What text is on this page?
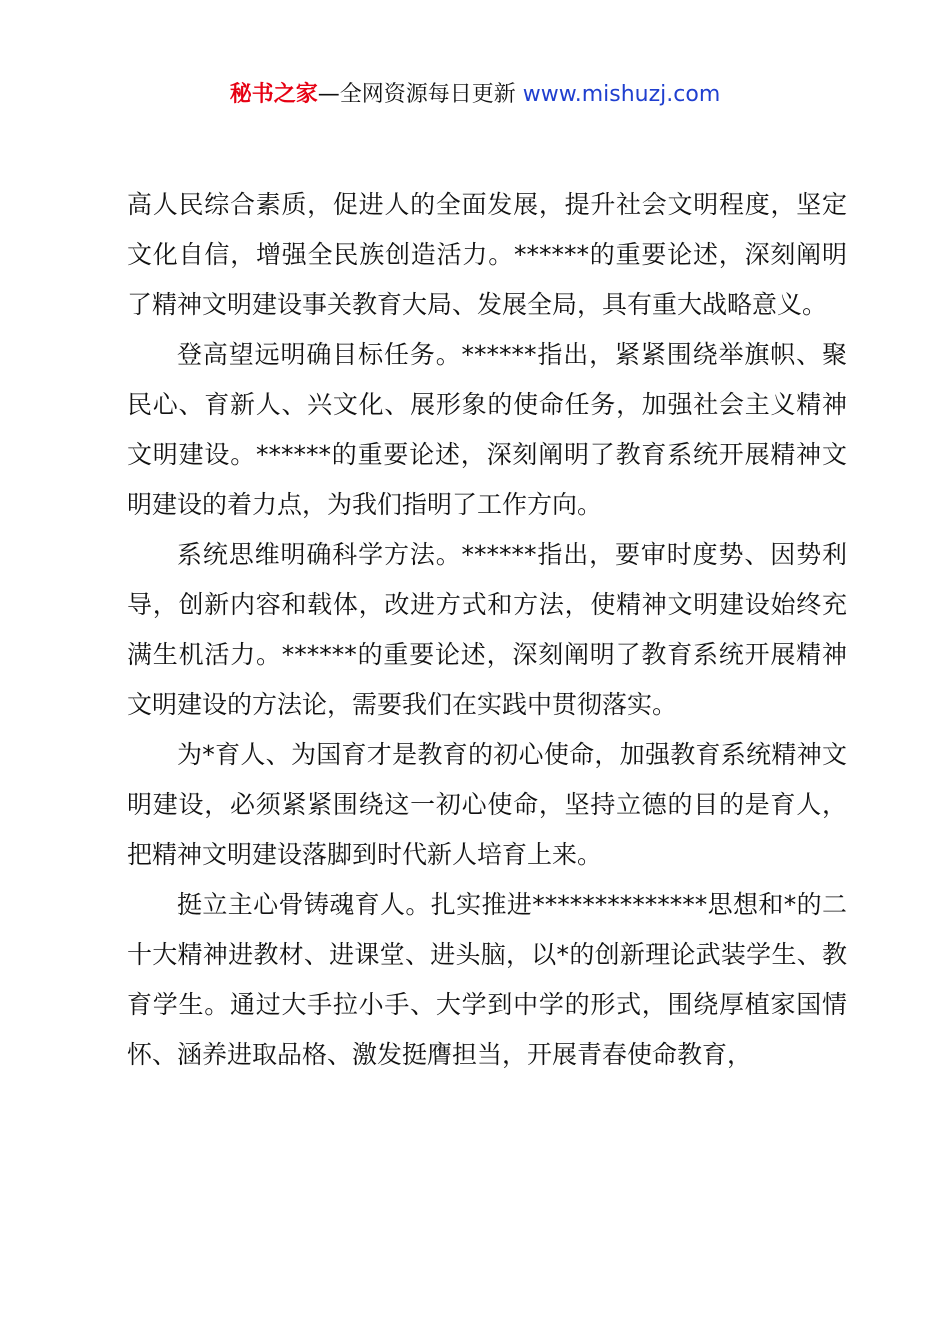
秘书之家—全网资源每日更新 www.mishuzj.com

高人民综合素质，促进人的全面发展，提升社会文明程度，坚定文化自信，增强全民族创造活力。******的重要论述，深刻阐明了精神文明建设事关教育大局、发展全局，具有重大战略意义。

登高望远明确目标任务。******指出，紧紧围绕举旗帜、聚民心、育新人、兴文化、展形象的使命任务，加强社会主义精神文明建设。******的重要论述，深刻阐明了教育系统开展精神文明建设的着力点，为我们指明了工作方向。

系统思维明确科学方法。******指出，要审时度势、因势利导，创新内容和载体，改进方式和方法，使精神文明建设始终充满生机活力。******的重要论述，深刻阐明了教育系统开展精神文明建设的方法论，需要我们在实践中贯彻落实。

为*育人、为国育才是教育的初心使命，加强教育系统精神文明建设，必须紧紧围绕这一初心使命，坚持立德的目的是育人，把精神文明建设落脚到时代新人培育上来。

挺立主心骨铸魂育人。扎实推进**************思想和*的二十大精神进教材、进课堂、进头脑，以*的创新理论武装学生、教育学生。通过大手拉小手、大学到中学的形式，围绕厚植家国情怀、涵养进取品格、激发挺膺担当，开展青春使命教育，
